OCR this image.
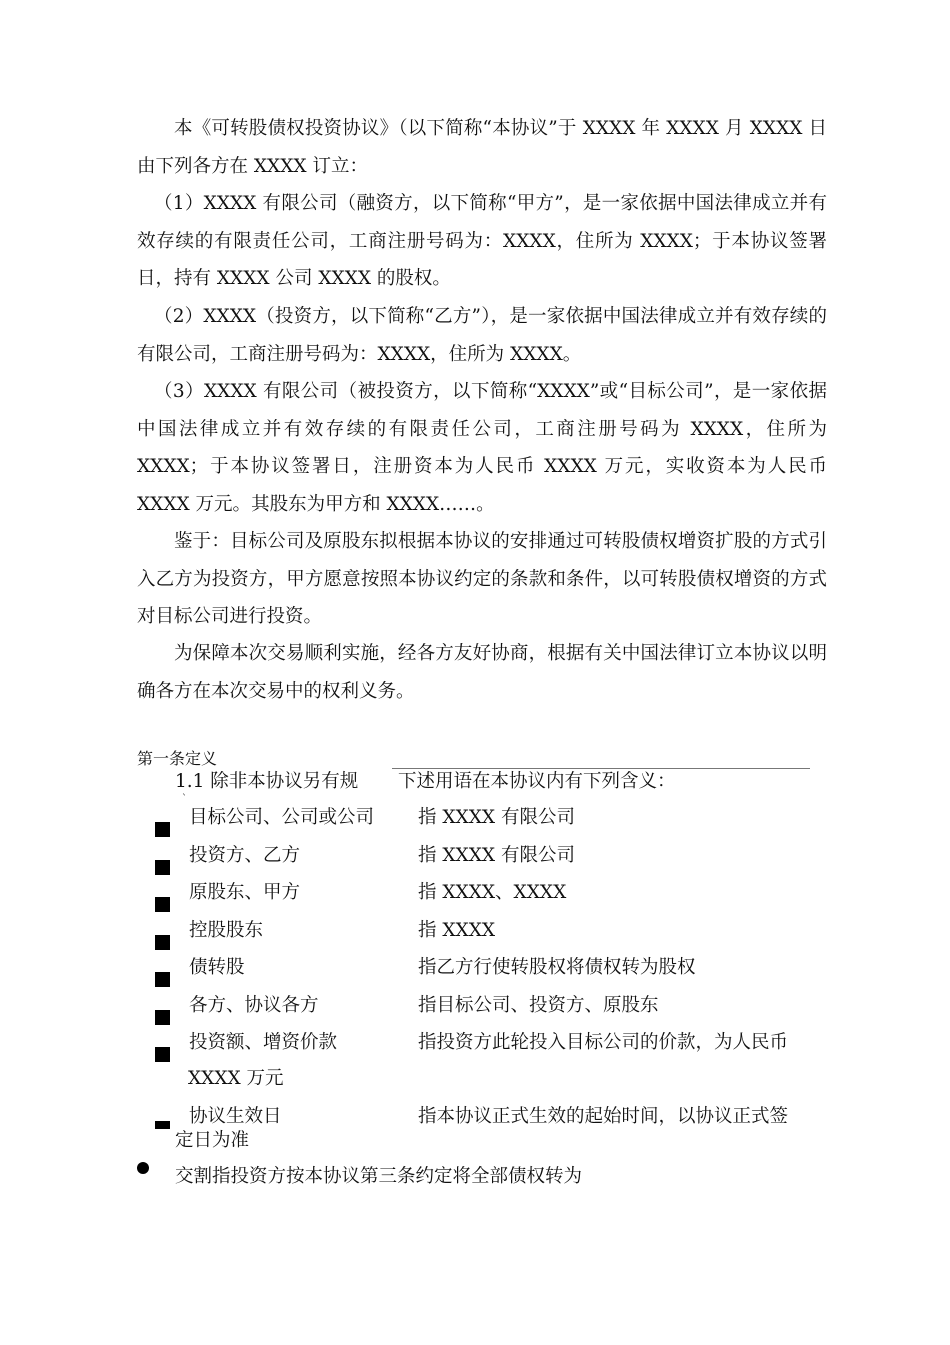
本《可转股债权投资协议》（以下简称“本协议”于 XXXX 年 XXXX 月 XXXX 日由下列各方在 XXXX 订立：

（1）XXXX 有限公司（融资方，以下简称“甲方”，是一家依据中国法律成立并有效存续的有限责任公司，工商注册号码为：XXXX，住所为 XXXX；于本协议签署日，持有 XXXX 公司 XXXX 的股权。

（2）XXXX（投资方，以下简称“乙方”），是一家依据中国法律成立并有效存续的有限公司，工商注册号码为：XXXX，住所为 XXXX。

（3）XXXX 有限公司（被投资方，以下简称“XXXX”或“目标公司”，是一家依据中国法律成立并有效存续的有限责任公司，工商注册号码为 XXXX，住所为 XXXX；于本协议签署日，注册资本为人民币 XXXX 万元，实收资本为人民币 XXXX 万元。其股东为甲方和 XXXX……。

鉴于：目标公司及原股东拟根据本协议的安排通过可转股债权增资扩股的方式引入乙方为投资方，甲方愿意按照本协议约定的条款和条件，以可转股债权增资的方式对目标公司进行投资。

为保障本次交易顺利实施，经各方友好协商，根据有关中国法律订立本协议以明确各方在本次交易中的权利义务。

第一条定义
1.1 除非本协议另有规
`
下述用语在本协议内有下列含义：
目标公司、公司或公司 指 XXXX 有限公司
投资方、乙方	指 XXXX 有限公司
原股东、甲方	指 XXXX、XXXX
控股股东	指 XXXX
债转股	指乙方行使转股权将债权转为股权
各方、协议各方	指目标公司、投资方、原股东
投资额、增资价款	指投资方此轮投入目标公司的价款，为人民币
XXXX 万元
协议生效日	指本协议正式生效的起始时间，以协议正式签
定日为准
交割指投资方按本协议第三条约定将全部债权转为
